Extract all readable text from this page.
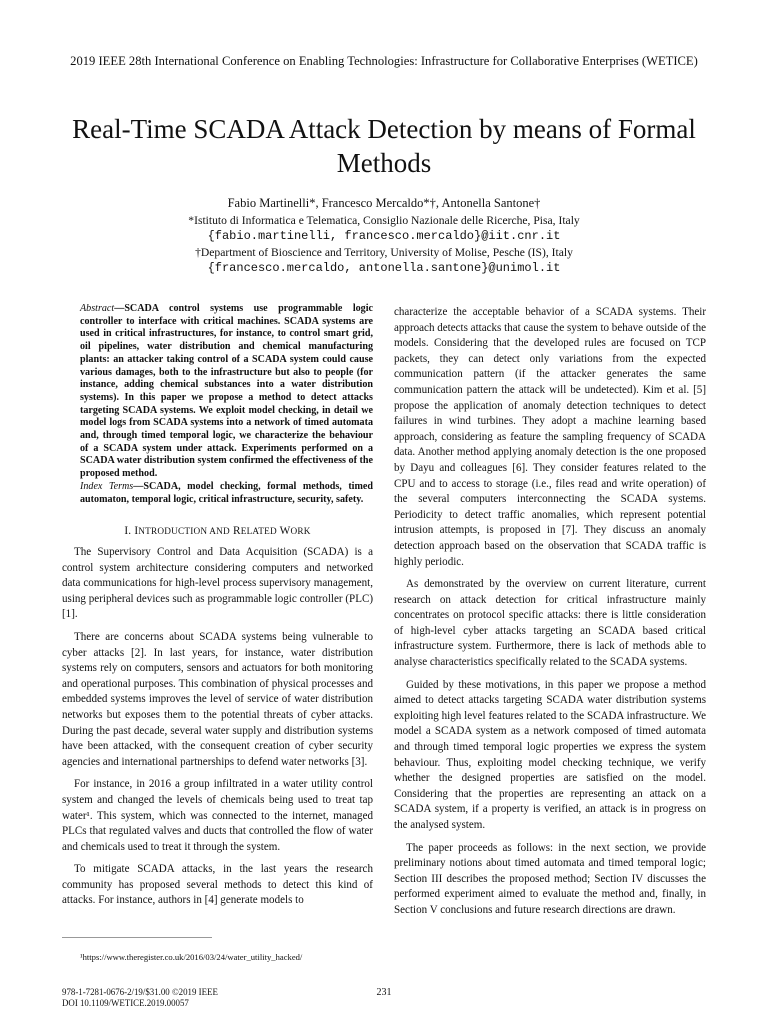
2019 IEEE 28th International Conference on Enabling Technologies: Infrastructure for Collaborative Enterprises (WETICE)
Real-Time SCADA Attack Detection by means of Formal Methods
Fabio Martinelli*, Francesco Mercaldo*†, Antonella Santone†
*Istituto di Informatica e Telematica, Consiglio Nazionale delle Ricerche, Pisa, Italy
{fabio.martinelli, francesco.mercaldo}@iit.cnr.it
†Department of Bioscience and Territory, University of Molise, Pesche (IS), Italy
{francesco.mercaldo, antonella.santone}@unimol.it
Abstract—SCADA control systems use programmable logic controller to interface with critical machines. SCADA systems are used in critical infrastructures, for instance, to control smart grid, oil pipelines, water distribution and chemical manufacturing plants: an attacker taking control of a SCADA system could cause various damages, both to the infrastructure but also to people (for instance, adding chemical substances into a water distribution systems). In this paper we propose a method to detect attacks targeting SCADA systems. We exploit model checking, in detail we model logs from SCADA systems into a network of timed automata and, through timed temporal logic, we characterize the behaviour of a SCADA system under attack. Experiments performed on a SCADA water distribution system confirmed the effectiveness of the proposed method.
Index Terms—SCADA, model checking, formal methods, timed automaton, temporal logic, critical infrastructure, security, safety.
I. INTRODUCTION AND RELATED WORK

The Supervisory Control and Data Acquisition (SCADA) is a control system architecture considering computers and networked data communications for high-level process supervisory management, using peripheral devices such as programmable logic controller (PLC) [1].

There are concerns about SCADA systems being vulnerable to cyber attacks [2]. In last years, for instance, water distribution systems rely on computers, sensors and actuators for both monitoring and operational purposes. This combination of physical processes and embedded systems improves the level of service of water distribution networks but exposes them to the potential threats of cyber attacks. During the past decade, several water supply and distribution systems have been attacked, with the consequent creation of cyber security agencies and international partnerships to defend water networks [3].

For instance, in 2016 a group infiltrated in a water utility control system and changed the levels of chemicals being used to treat tap water¹. This system, which was connected to the internet, managed PLCs that regulated valves and ducts that controlled the flow of water and chemicals used to treat it through the system.

To mitigate SCADA attacks, in the last years the research community has proposed several methods to detect this kind of attacks. For instance, authors in [4] generate models to

characterize the acceptable behavior of a SCADA systems. Their approach detects attacks that cause the system to behave outside of the models. Considering that the developed rules are focused on TCP packets, they can detect only variations from the expected communication pattern (if the attacker generates the same communication pattern the attack will be undetected). Kim et al. [5] propose the application of anomaly detection techniques to detect failures in wind turbines. They adopt a machine learning based approach, considering as feature the sampling frequency of SCADA data. Another method applying anomaly detection is the one proposed by Dayu and colleagues [6]. They consider features related to the CPU and to access to storage (i.e., files read and write operation) of the several computers interconnecting the SCADA systems. Periodicity to detect traffic anomalies, which represent potential intrusion attempts, is proposed in [7]. They discuss an anomaly detection approach based on the observation that SCADA traffic is highly periodic.

As demonstrated by the overview on current literature, current research on attack detection for critical infrastructure mainly concentrates on protocol specific attacks: there is little consideration of high-level cyber attacks targeting an SCADA based critical infrastructure system. Furthermore, there is lack of methods able to analyse characteristics specifically related to the SCADA systems.

Guided by these motivations, in this paper we propose a method aimed to detect attacks targeting SCADA water distribution systems exploiting high level features related to the SCADA infrastructure. We model a SCADA system as a network composed of timed automata and through timed temporal logic properties we express the system behaviour. Thus, exploiting model checking technique, we verify whether the designed properties are satisfied on the model. Considering that the properties are representing an attack on a SCADA system, if a property is verified, an attack is in progress on the analysed system.

The paper proceeds as follows: in the next section, we provide preliminary notions about timed automata and timed temporal logic; Section III describes the proposed method; Section IV discusses the performed experiment aimed to evaluate the method and, finally, in Section V conclusions and future research directions are drawn.

¹https://www.theregister.co.uk/2016/03/24/water_utility_hacked/
978-1-7281-0676-2/19/$31.00 ©2019 IEEE
DOI 10.1109/WETICE.2019.00057
231
